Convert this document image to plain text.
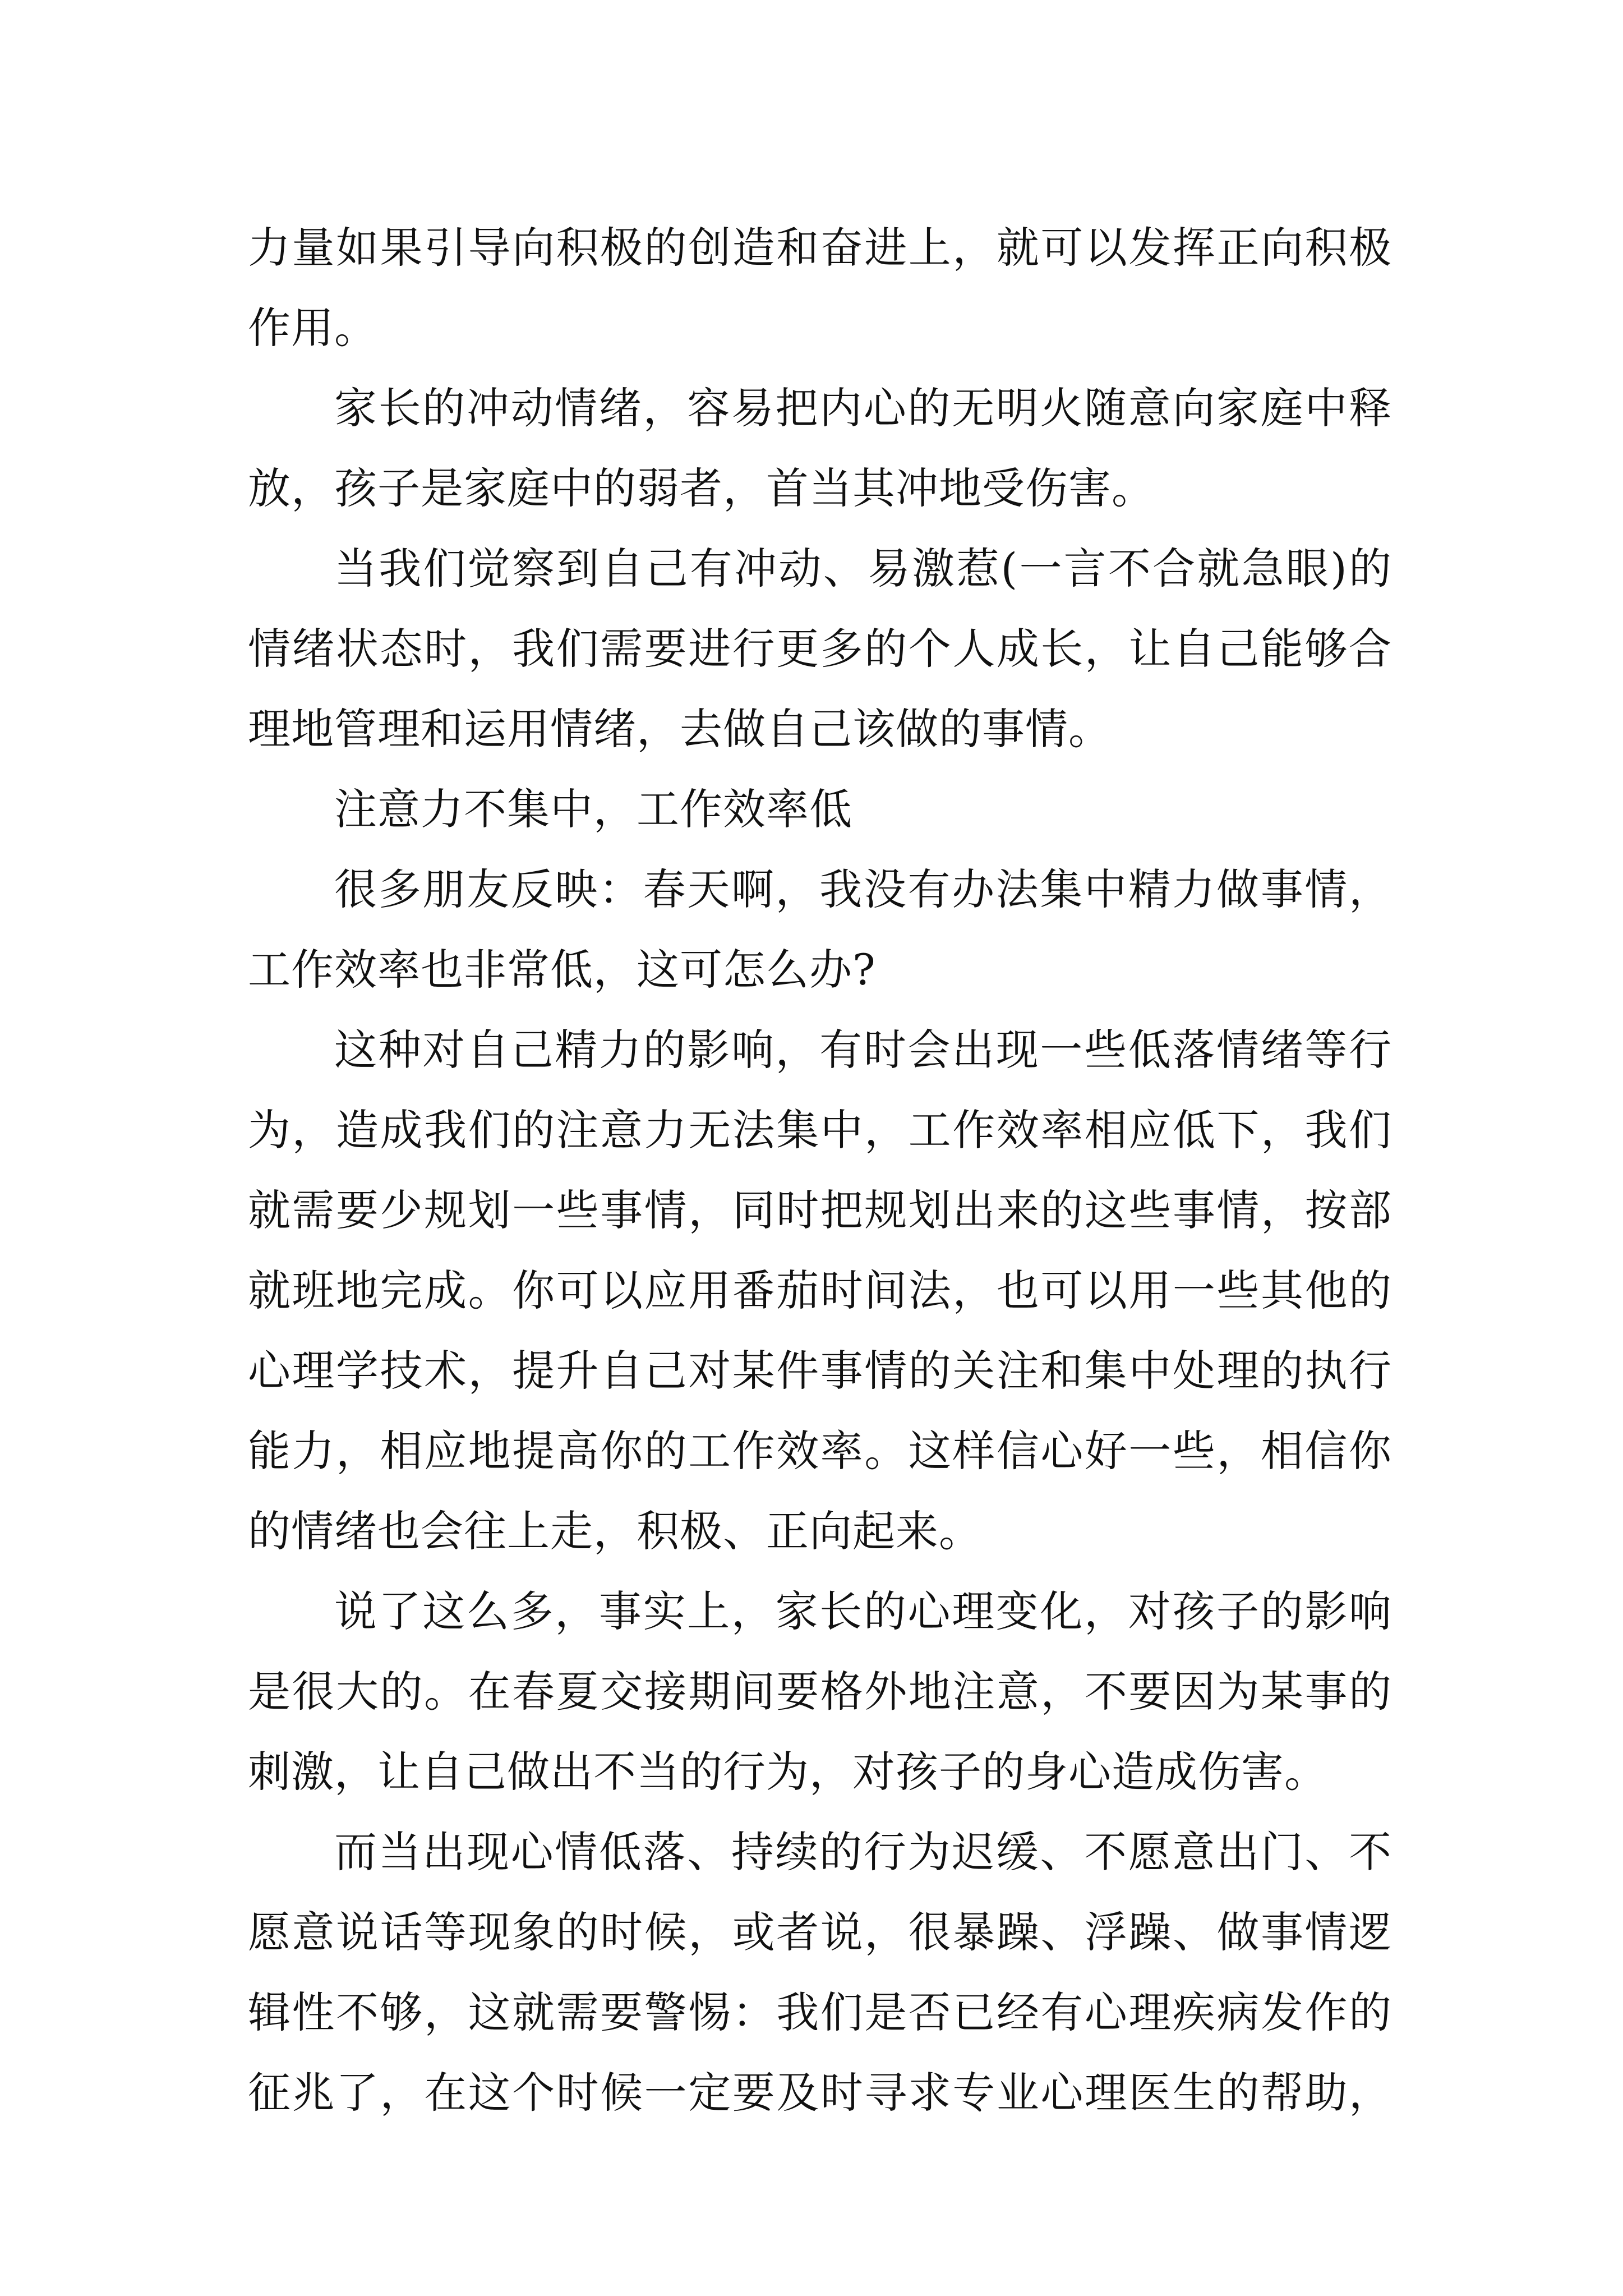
力量如果引导向积极的创造和奋进上，就可以发挥正向积极
作用。
家长的冲动情绪，容易把内心的无明火随意向家庭中释
放，孩子是家庭中的弱者，首当其冲地受伤害。
当我们觉察到自己有冲动、易激惹(一言不合就急眼)的
情绪状态时，我们需要进行更多的个人成长，让自己能够合
理地管理和运用情绪，去做自己该做的事情。
注意力不集中，工作效率低
很多朋友反映：春天啊，我没有办法集中精力做事情，
工作效率也非常低，这可怎么办?
这种对自己精力的影响，有时会出现一些低落情绪等行
为，造成我们的注意力无法集中，工作效率相应低下，我们
就需要少规划一些事情，同时把规划出来的这些事情，按部
就班地完成。你可以应用番茄时间法，也可以用一些其他的
心理学技术，提升自己对某件事情的关注和集中处理的执行
能力，相应地提高你的工作效率。这样信心好一些，相信你
的情绪也会往上走，积极、正向起来。
说了这么多，事实上，家长的心理变化，对孩子的影响
是很大的。在春夏交接期间要格外地注意，不要因为某事的
刺激，让自己做出不当的行为，对孩子的身心造成伤害。
而当出现心情低落、持续的行为迟缓、不愿意出门、不
愿意说话等现象的时候，或者说，很暴躁、浮躁、做事情逻
辑性不够，这就需要警惕：我们是否已经有心理疾病发作的
征兆了，在这个时候一定要及时寻求专业心理医生的帮助，
